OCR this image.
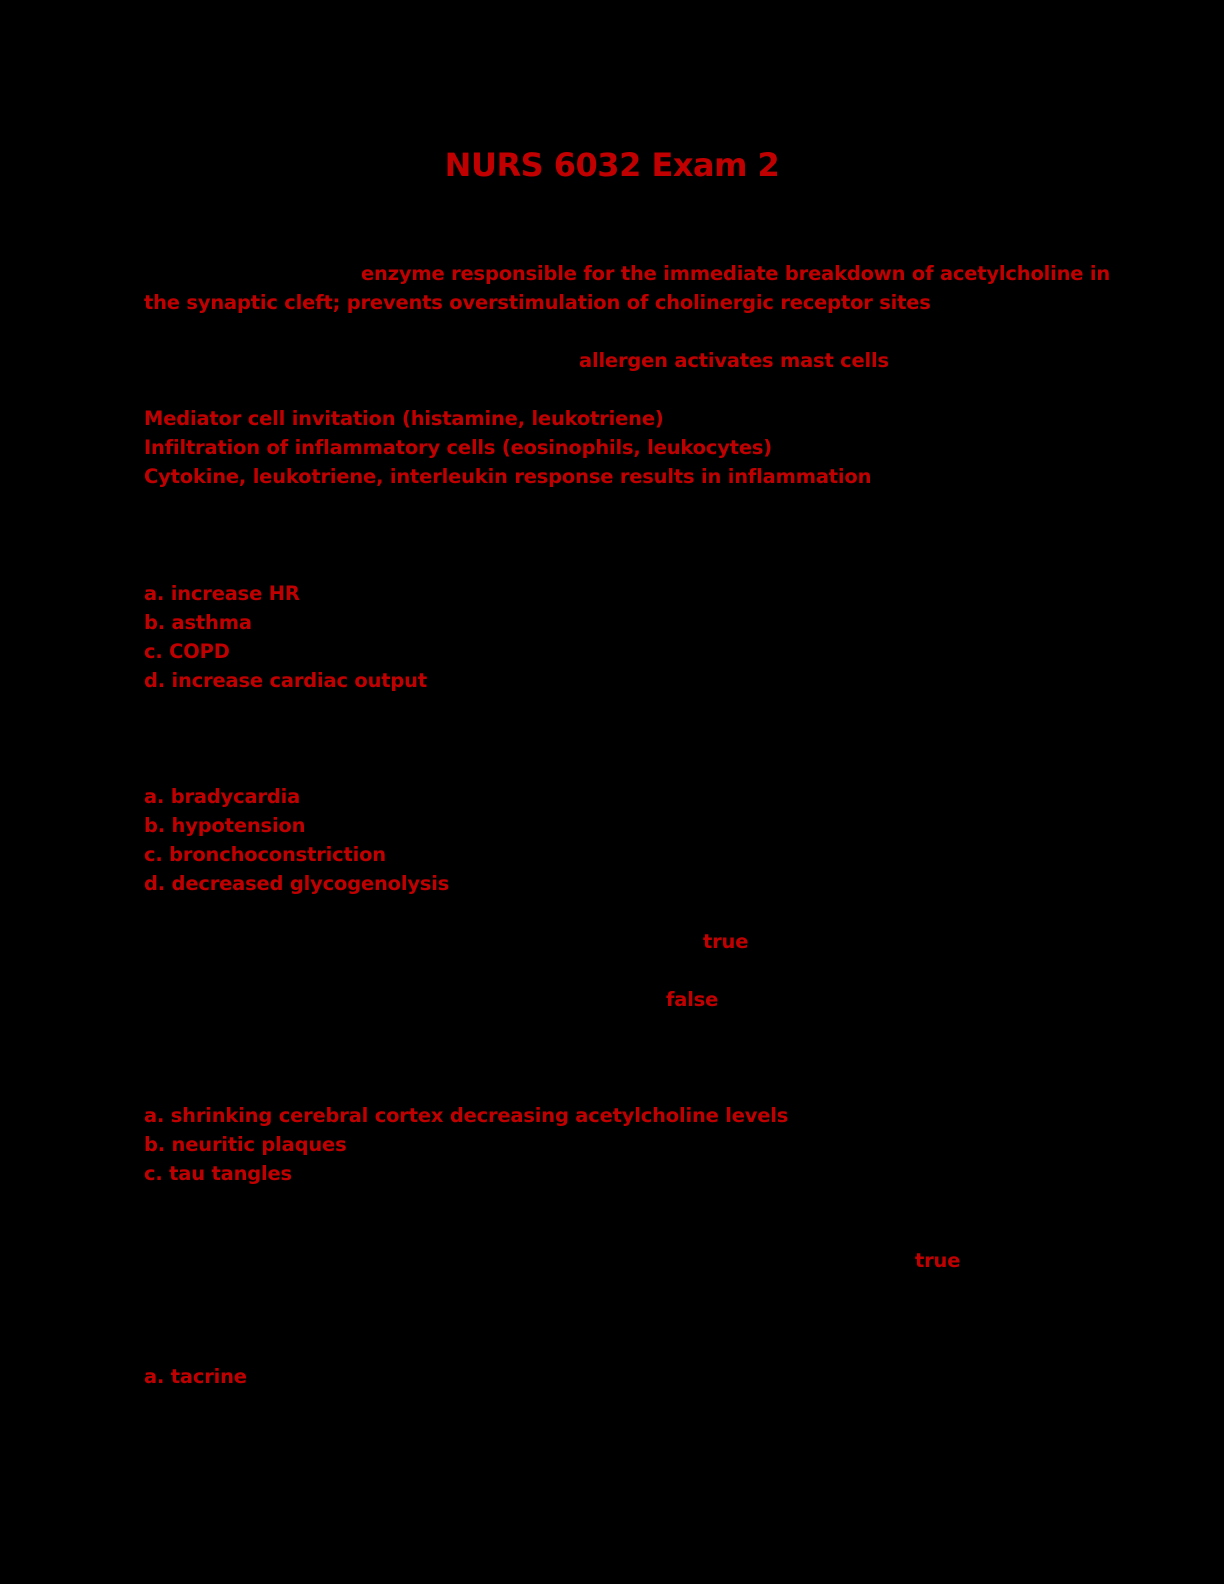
NURS 6032 Exam 2
enzyme responsible for the immediate breakdown of acetylcholine in
the synaptic cleft; prevents overstimulation of cholinergic receptor sites
allergen activates mast cells
Mediator cell invitation (histamine, leukotriene)
Infiltration of inflammatory cells (eosinophils, leukocytes)
Cytokine, leukotriene, interleukin response results in inflammation
a. increase HR
b. asthma
c. COPD
d. increase cardiac output
a. bradycardia
b. hypotension
c. bronchoconstriction
d. decreased glycogenolysis
true
false
a. shrinking cerebral cortex decreasing acetylcholine levels
b. neuritic plaques
c. tau tangles
true
a. tacrine
